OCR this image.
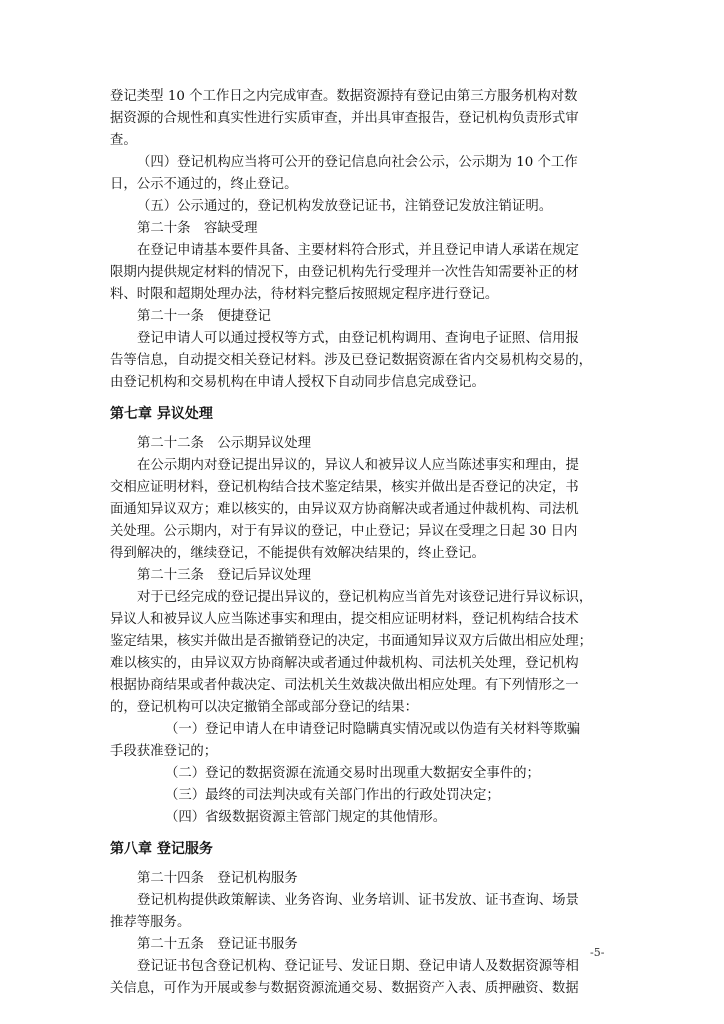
登记类型 10 个工作日之内完成审查。数据资源持有登记由第三方服务机构对数
据资源的合规性和真实性进行实质审查，并出具审查报告，登记机构负责形式审
查。
（四）登记机构应当将可公开的登记信息向社会公示，公示期为 10 个工作
日，公示不通过的，终止登记。
（五）公示通过的，登记机构发放登记证书，注销登记发放注销证明。
第二十条　容缺受理
在登记申请基本要件具备、主要材料符合形式，并且登记申请人承诺在规定
限期内提供规定材料的情况下，由登记机构先行受理并一次性告知需要补正的材
料、时限和超期处理办法，待材料完整后按照规定程序进行登记。
第二十一条　便捷登记
登记申请人可以通过授权等方式，由登记机构调用、查询电子证照、信用报
告等信息，自动提交相关登记材料。涉及已登记数据资源在省内交易机构交易的，
由登记机构和交易机构在申请人授权下自动同步信息完成登记。
第七章 异议处理
第二十二条　公示期异议处理
在公示期内对登记提出异议的，异议人和被异议人应当陈述事实和理由，提
交相应证明材料，登记机构结合技术鉴定结果，核实并做出是否登记的决定，书
面通知异议双方；难以核实的，由异议双方协商解决或者通过仲裁机构、司法机
关处理。公示期内，对于有异议的登记，中止登记；异议在受理之日起 30 日内
得到解决的，继续登记，不能提供有效解决结果的，终止登记。
第二十三条　登记后异议处理
对于已经完成的登记提出异议的，登记机构应当首先对该登记进行异议标识，
异议人和被异议人应当陈述事实和理由，提交相应证明材料，登记机构结合技术
鉴定结果，核实并做出是否撤销登记的决定，书面通知异议双方后做出相应处理；
难以核实的，由异议双方协商解决或者通过仲裁机构、司法机关处理，登记机构
根据协商结果或者仲裁决定、司法机关生效裁决做出相应处理。有下列情形之一
的，登记机构可以决定撤销全部或部分登记的结果：
（一）登记申请人在申请登记时隐瞒真实情况或以伪造有关材料等欺骗
手段获准登记的；
（二）登记的数据资源在流通交易时出现重大数据安全事件的；
（三）最终的司法判决或有关部门作出的行政处罚决定；
（四）省级数据资源主管部门规定的其他情形。
第八章 登记服务
第二十四条　登记机构服务
登记机构提供政策解读、业务咨询、业务培训、证书发放、证书查询、场景
推荐等服务。
第二十五条　登记证书服务
登记证书包含登记机构、登记证号、发证日期、登记申请人及数据资源等相
关信息，可作为开展或参与数据资源流通交易、数据资产入表、质押融资、数据
-5-
